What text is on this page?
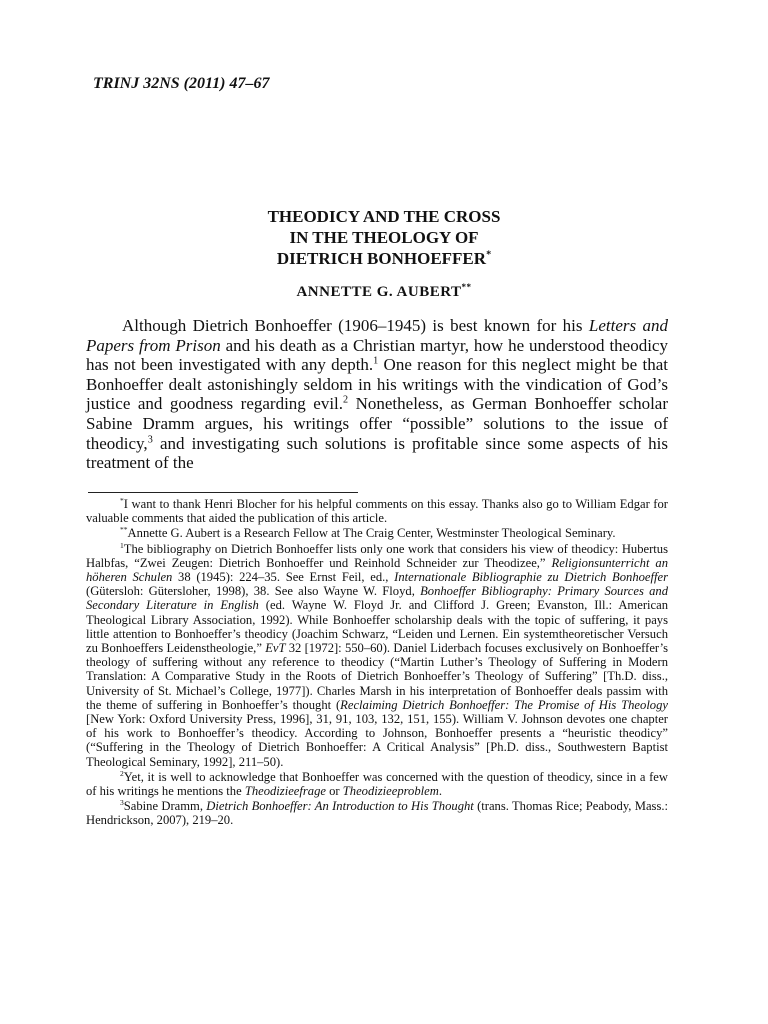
TRINJ 32NS (2011) 47–67
THEODICY AND THE CROSS
IN THE THEOLOGY OF
DIETRICH BONHOEFFER*
ANNETTE G. AUBERT**

Although Dietrich Bonhoeffer (1906–1945) is best known for his Letters and Papers from Prison and his death as a Christian martyr, how he understood theodicy has not been investigated with any depth.$^1$ One reason for this neglect might be that Bonhoeffer dealt astonishingly seldom in his writings with the vindication of God’s justice and goodness regarding evil.$^2$ Nonetheless, as German Bonhoeffer scholar Sabine Dramm argues, his writings offer “possible” solutions to the issue of theodicy,$^3$ and investigating such solutions is profitable since some aspects of his treatment of the

*I want to thank Henri Blocher for his helpful comments on this essay. Thanks also go to William Edgar for valuable comments that aided the publication of this article.

**Annette G. Aubert is a Research Fellow at The Craig Center, Westminster Theological Seminary.

$^1$The bibliography on Dietrich Bonhoeffer lists only one work that considers his view of theodicy: Hubertus Halbfas, “Zwei Zeugen: Dietrich Bonhoeffer und Reinhold Schneider zur Theodizee,” Religionsunterricht an höheren Schulen 38 (1945): 224–35. See Ernst Feil, ed., Internationale Bibliographie zu Dietrich Bonhoeffer (Gütersloh: Gütersloher, 1998), 38. See also Wayne W. Floyd, Bonhoeffer Bibliography: Primary Sources and Secondary Literature in English (ed. Wayne W. Floyd Jr. and Clifford J. Green; Evanston, Ill.: American Theological Library Association, 1992). While Bonhoeffer scholarship deals with the topic of suffering, it pays little attention to Bonhoeffer’s theodicy (Joachim Schwarz, “Leiden und Lernen. Ein systemtheoretischer Versuch zu Bonhoeffers Leidenstheologie,” EvT 32 [1972]: 550–60). Daniel Liderbach focuses exclusively on Bonhoeffer’s theology of suffering without any reference to theodicy (“Martin Luther’s Theology of Suffering in Modern Translation: A Comparative Study in the Roots of Dietrich Bonhoeffer’s Theology of Suffering” [Th.D. diss., University of St. Michael’s College, 1977]). Charles Marsh in his interpretation of Bonhoeffer deals passim with the theme of suffering in Bonhoeffer’s thought (Reclaiming Dietrich Bonhoeffer: The Promise of His Theology [New York: Oxford University Press, 1996], 31, 91, 103, 132, 151, 155). William V. Johnson devotes one chapter of his work to Bonhoeffer’s theodicy. According to Johnson, Bonhoeffer presents a “heuristic theodicy” (“Suffering in the Theology of Dietrich Bonhoeffer: A Critical Analysis” [Ph.D. diss., Southwestern Baptist Theological Seminary, 1992], 211–50).

$^2$Yet, it is well to acknowledge that Bonhoeffer was concerned with the question of theodicy, since in a few of his writings he mentions the Theodizieefrage or Theodizieeproblem.

$^3$Sabine Dramm, Dietrich Bonhoeffer: An Introduction to His Thought (trans. Thomas Rice; Peabody, Mass.: Hendrickson, 2007), 219–20.
